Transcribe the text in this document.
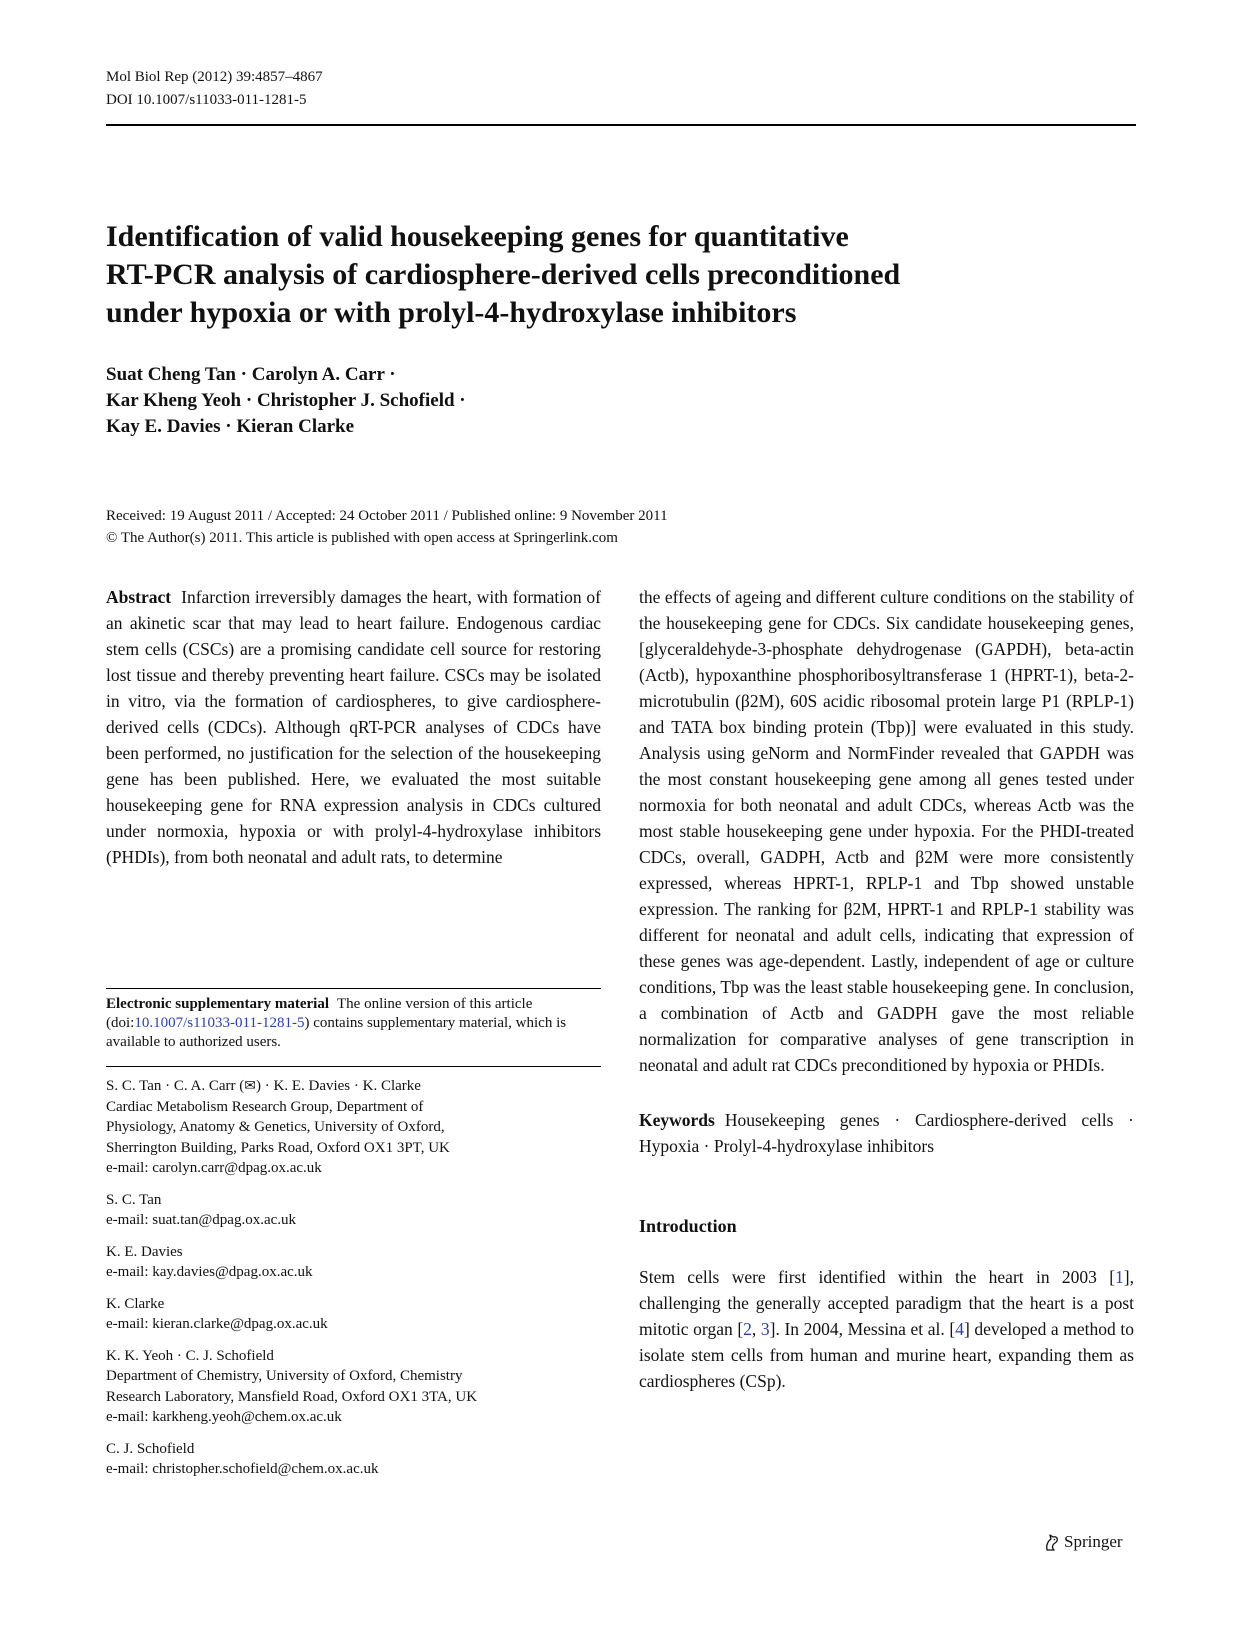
Mol Biol Rep (2012) 39:4857–4867
DOI 10.1007/s11033-011-1281-5
Identification of valid housekeeping genes for quantitative
RT-PCR analysis of cardiosphere-derived cells preconditioned
under hypoxia or with prolyl-4-hydroxylase inhibitors
Suat Cheng Tan · Carolyn A. Carr ·
Kar Kheng Yeoh · Christopher J. Schofield ·
Kay E. Davies · Kieran Clarke
Received: 19 August 2011 / Accepted: 24 October 2011 / Published online: 9 November 2011
© The Author(s) 2011. This article is published with open access at Springerlink.com

Abstract Infarction irreversibly damages the heart, with formation of an akinetic scar that may lead to heart failure. Endogenous cardiac stem cells (CSCs) are a promising candidate cell source for restoring lost tissue and thereby preventing heart failure. CSCs may be isolated in vitro, via the formation of cardiospheres, to give cardiosphere-derived cells (CDCs). Although qRT-PCR analyses of CDCs have been performed, no justification for the selection of the housekeeping gene has been published. Here, we evaluated the most suitable housekeeping gene for RNA expression analysis in CDCs cultured under normoxia, hypoxia or with prolyl-4-hydroxylase inhibitors (PHDIs), from both neonatal and adult rats, to determine

Electronic supplementary material The online version of this article (doi:10.1007/s11033-011-1281-5) contains supplementary material, which is available to authorized users.

S. C. Tan · C. A. Carr (✉) · K. E. Davies · K. Clarke
Cardiac Metabolism Research Group, Department of
Physiology, Anatomy & Genetics, University of Oxford,
Sherrington Building, Parks Road, Oxford OX1 3PT, UK
e-mail: carolyn.carr@dpag.ox.ac.uk
S. C. Tan
e-mail: suat.tan@dpag.ox.ac.uk
K. E. Davies
e-mail: kay.davies@dpag.ox.ac.uk
K. Clarke
e-mail: kieran.clarke@dpag.ox.ac.uk
K. K. Yeoh · C. J. Schofield
Department of Chemistry, University of Oxford, Chemistry
Research Laboratory, Mansfield Road, Oxford OX1 3TA, UK
e-mail: karkheng.yeoh@chem.ox.ac.uk
C. J. Schofield
e-mail: christopher.schofield@chem.ox.ac.uk

the effects of ageing and different culture conditions on the stability of the housekeeping gene for CDCs. Six candidate housekeeping genes, [glyceraldehyde-3-phosphate dehydrogenase (GAPDH), beta-actin (Actb), hypoxanthine phosphoribosyltransferase 1 (HPRT-1), beta-2-microtubulin (β2M), 60S acidic ribosomal protein large P1 (RPLP-1) and TATA box binding protein (Tbp)] were evaluated in this study. Analysis using geNorm and NormFinder revealed that GAPDH was the most constant housekeeping gene among all genes tested under normoxia for both neonatal and adult CDCs, whereas Actb was the most stable housekeeping gene under hypoxia. For the PHDI-treated CDCs, overall, GADPH, Actb and β2M were more consistently expressed, whereas HPRT-1, RPLP-1 and Tbp showed unstable expression. The ranking for β2M, HPRT-1 and RPLP-1 stability was different for neonatal and adult cells, indicating that expression of these genes was age-dependent. Lastly, independent of age or culture conditions, Tbp was the least stable housekeeping gene. In conclusion, a combination of Actb and GADPH gave the most reliable normalization for comparative analyses of gene transcription in neonatal and adult rat CDCs preconditioned by hypoxia or PHDIs.

Keywords Housekeeping genes · Cardiosphere-derived cells · Hypoxia · Prolyl-4-hydroxylase inhibitors

Introduction

Stem cells were first identified within the heart in 2003 [1], challenging the generally accepted paradigm that the heart is a post mitotic organ [2, 3]. In 2004, Messina et al. [4] developed a method to isolate stem cells from human and murine heart, expanding them as cardiospheres (CSp).

Springer
